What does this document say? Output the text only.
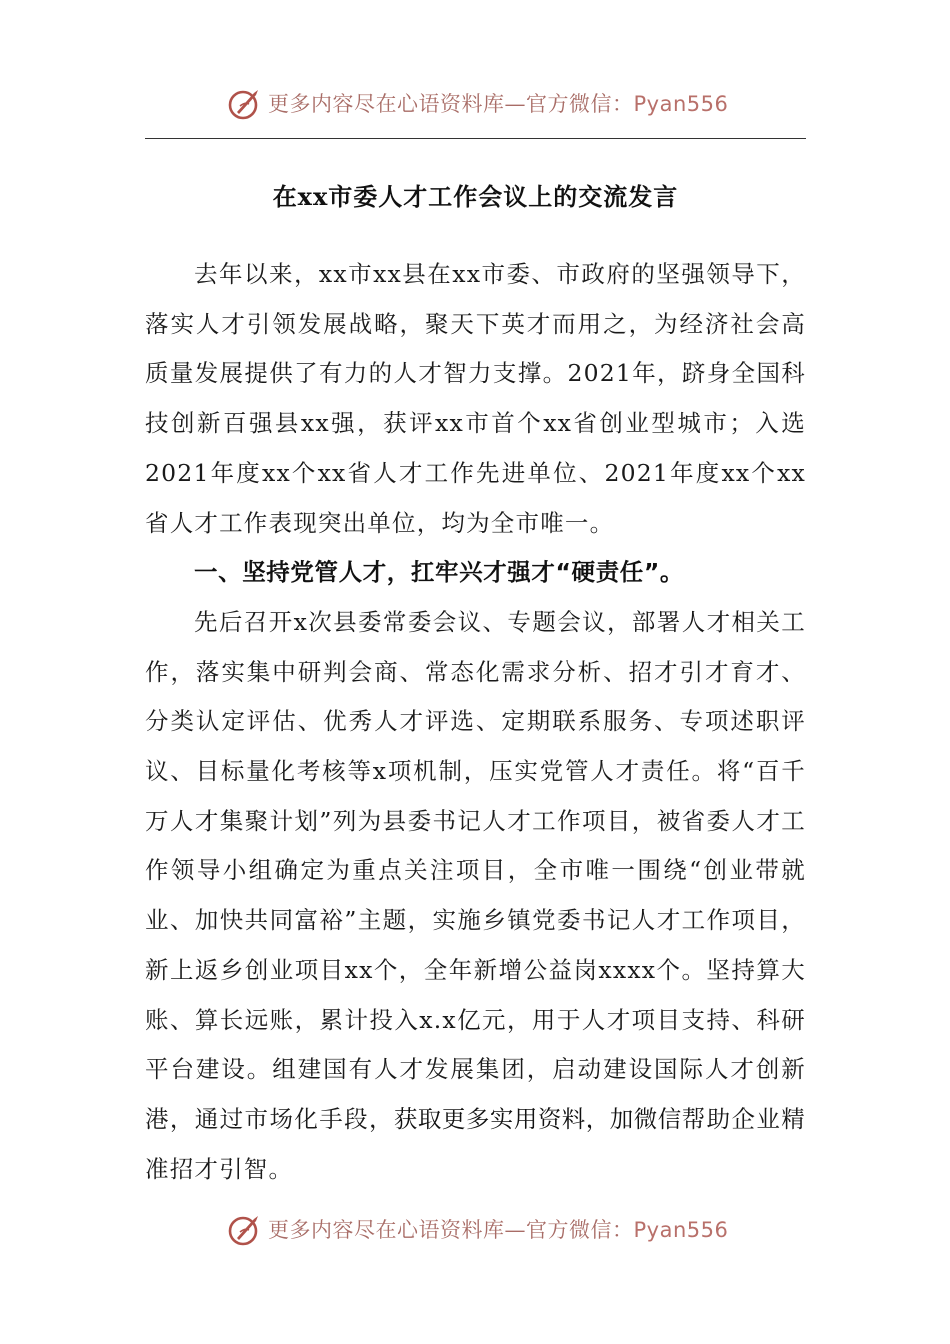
更多内容尽在心语资料库—官方微信：Pyan556
在xx市委人才工作会议上的交流发言

去年以来，xx市xx县在xx市委、市政府的坚强领导下，落实人才引领发展战略，聚天下英才而用之，为经济社会高质量发展提供了有力的人才智力支撑。2021年，跻身全国科技创新百强县xx强，获评xx市首个xx省创业型城市；入选2021年度xx个xx省人才工作先进单位、2021年度xx个xx省人才工作表现突出单位，均为全市唯一。

一、坚持党管人才，扛牢兴才强才“硬责任”。

先后召开x次县委常委会议、专题会议，部署人才相关工作，落实集中研判会商、常态化需求分析、招才引才育才、分类认定评估、优秀人才评选、定期联系服务、专项述职评议、目标量化考核等x项机制，压实党管人才责任。将“百千万人才集聚计划”列为县委书记人才工作项目，被省委人才工作领导小组确定为重点关注项目，全市唯一围绕“创业带就业、加快共同富裕”主题，实施乡镇党委书记人才工作项目，新上返乡创业项目xx个，全年新增公益岗xxxx个。坚持算大账、算长远账，累计投入x.x亿元，用于人才项目支持、科研平台建设。组建国有人才发展集团，启动建设国际人才创新港，通过市场化手段，获取更多实用资料，加微信帮助企业精准招才引智。

更多内容尽在心语资料库—官方微信：Pyan556
